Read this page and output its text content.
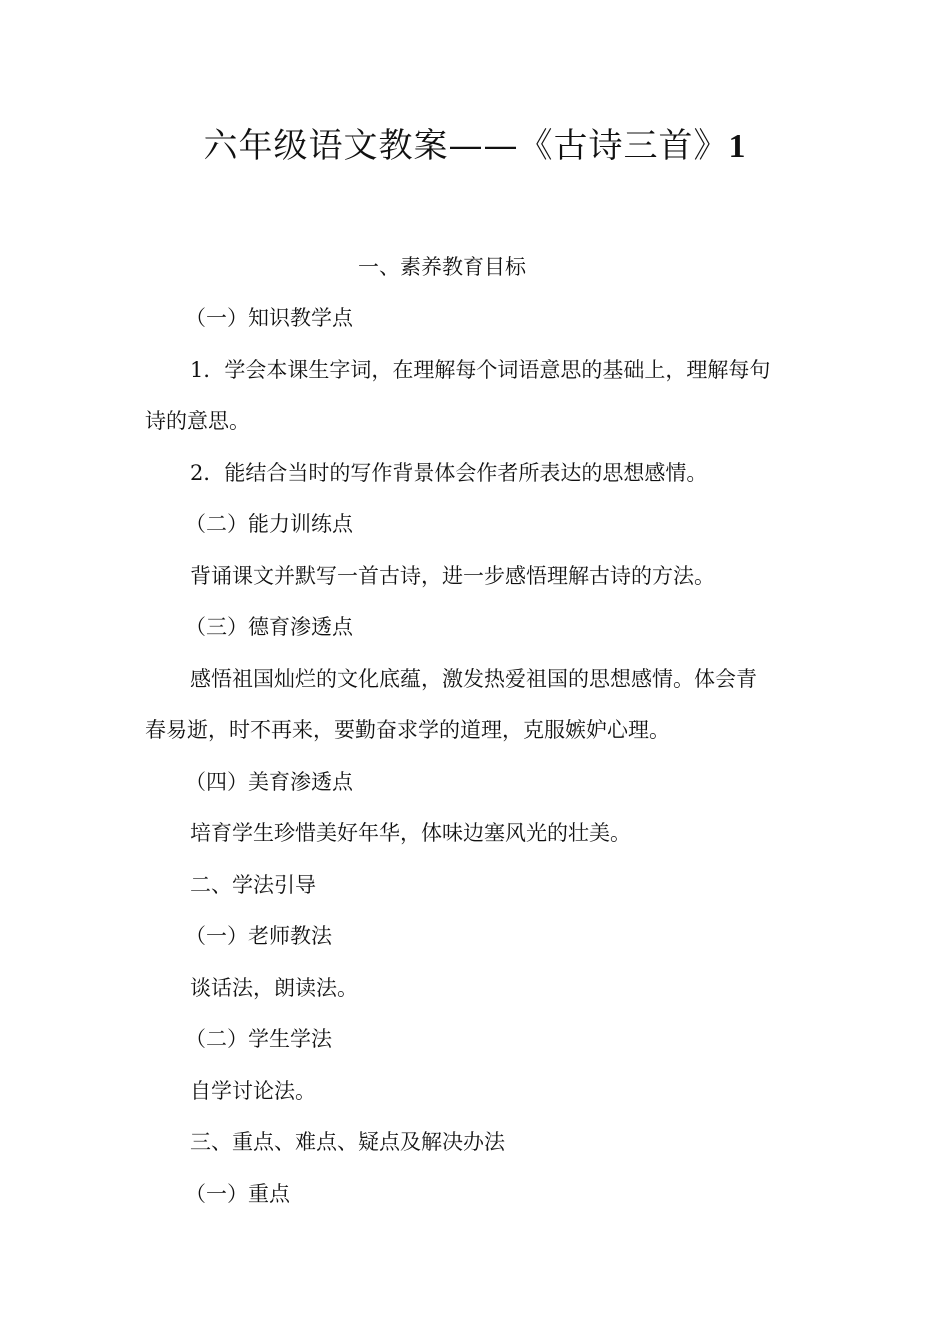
六年级语文教案——《古诗三首》1
一、素养教育目标
（一）知识教学点
1．学会本课生字词，在理解每个词语意思的基础上，理解每句
诗的意思。
2．能结合当时的写作背景体会作者所表达的思想感情。
（二）能力训练点
背诵课文并默写一首古诗，进一步感悟理解古诗的方法。
（三）德育渗透点
感悟祖国灿烂的文化底蕴，激发热爱祖国的思想感情。体会青
春易逝，时不再来，要勤奋求学的道理，克服嫉妒心理。
（四）美育渗透点
培育学生珍惜美好年华，体味边塞风光的壮美。
二、学法引导
（一）老师教法
谈话法，朗读法。
（二）学生学法
自学讨论法。
三、重点、难点、疑点及解决办法
（一）重点
